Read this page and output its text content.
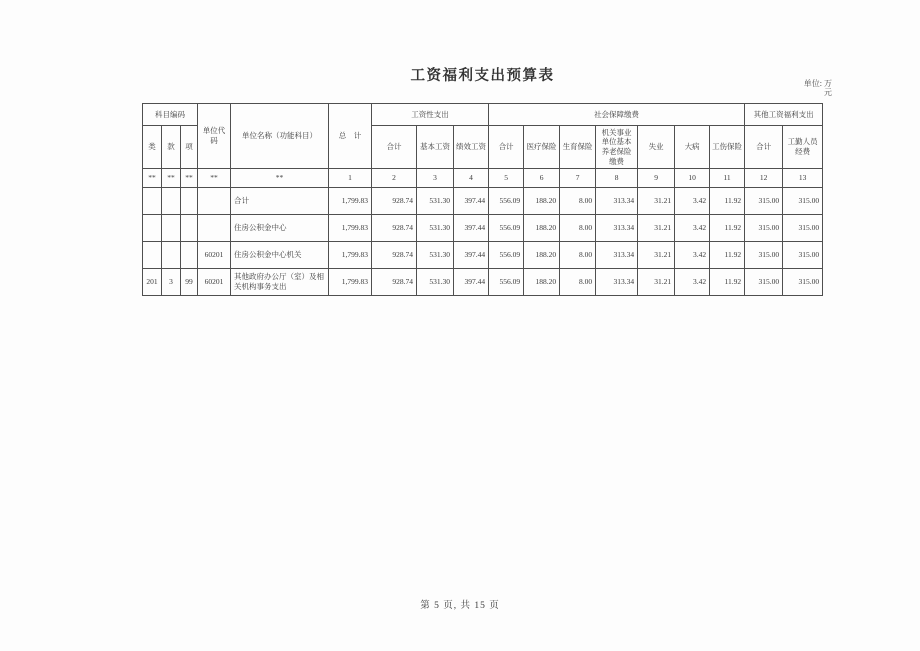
工资福利支出预算表	单位: 万
元
科目编码			单位代码	单位名称（功能科目）	总　计	工资性支出			社会保障缴费							其他工资福利支出	
类	款	项				合计	基本工资	绩效工资	合计	医疗保险	生育保险	机关事业单位基本养老保险缴费	失业	大病	工伤保险	合计	工勤人员经费
**	**	**	**	**	1	2	3	4	5	6	7	8	9	10	11	12	13
				合计	1,799.83	928.74	531.30	397.44	556.09	188.20	8.00	313.34	31.21	3.42	11.92	315.00	315.00
				住房公积金中心	1,799.83	928.74	531.30	397.44	556.09	188.20	8.00	313.34	31.21	3.42	11.92	315.00	315.00
			60201	住房公积金中心机关	1,799.83	928.74	531.30	397.44	556.09	188.20	8.00	313.34	31.21	3.42	11.92	315.00	315.00
201	3	99	60201	其他政府办公厅（室）及相关机构事务支出	1,799.83	928.74	531.30	397.44	556.09	188.20	8.00	313.34	31.21	3.42	11.92	315.00	315.00
第 5 页, 共 15 页
